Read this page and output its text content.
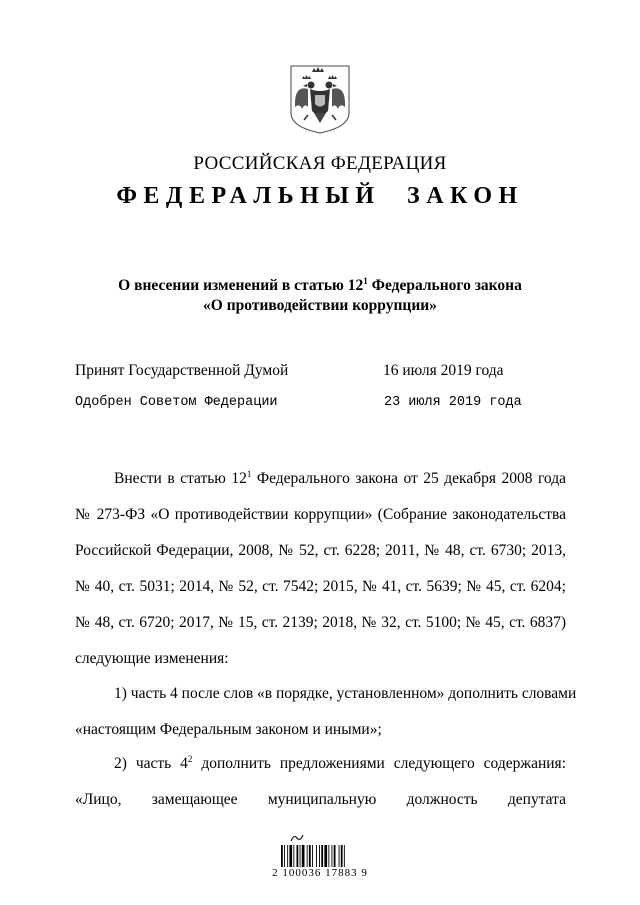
РОССИЙСКАЯ ФЕДЕРАЦИЯ
ФЕДЕРАЛЬНЫЙ ЗАКОН
О внесении изменений в статью $12^1$ Федерального закона
«О противодействии коррупции»
Принят Государственной Думой	16 июля 2019 года
Одобрен Советом Федерации	23 июля 2019 года
Внести в статью $12^1$ Федерального закона от 25 декабря 2008 года
№ 273-ФЗ «О противодействии коррупции» (Собрание законодательства
Российской Федерации, 2008, № 52, ст. 6228; 2011, № 48, ст. 6730; 2013,
№ 40, ст. 5031; 2014, № 52, ст. 7542; 2015, № 41, ст. 5639; № 45, ст. 6204;
№ 48, ст. 6720; 2017, № 15, ст. 2139; 2018, № 32, ст. 5100; № 45, ст. 6837)
следующие изменения:
1) часть 4 после слов «в порядке, установленном» дополнить словами
«настоящим Федеральным законом и иными»;
2) часть $4^2$ дополнить предложениями следующего содержания:
«Лицо, замещающее муниципальную должность депутата
2 100036 17883 9
